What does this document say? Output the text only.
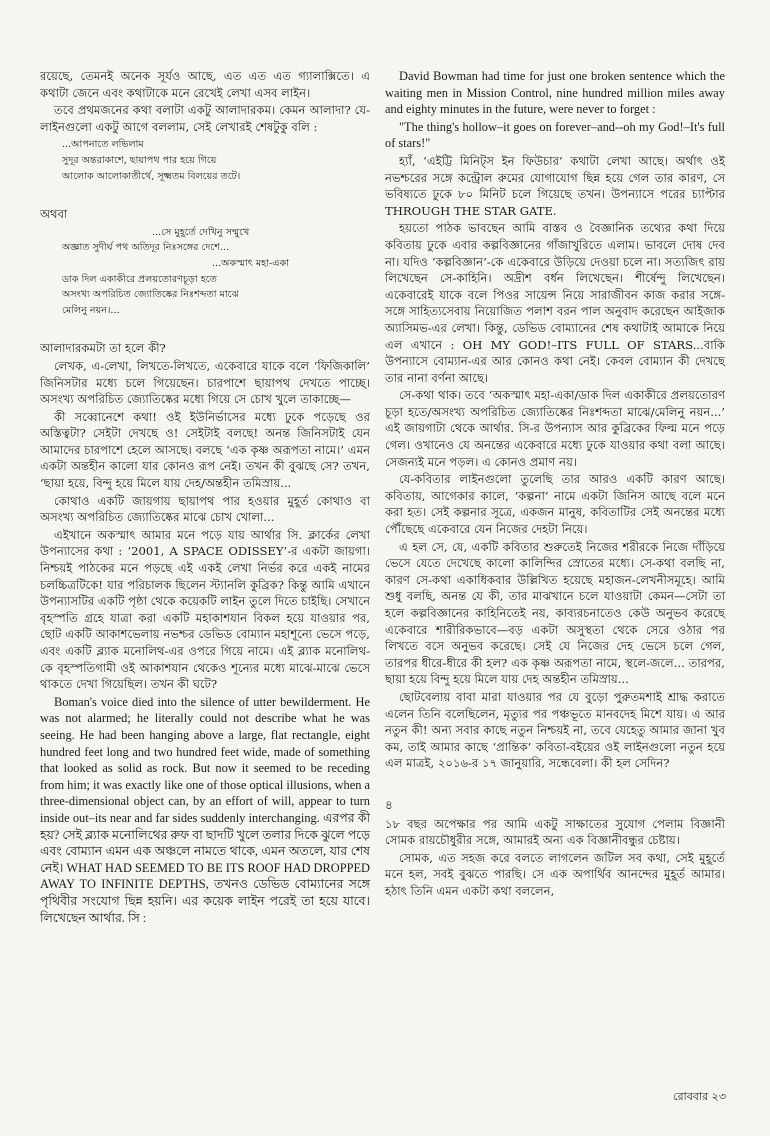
রয়েছে, তেমনই অনেক সূর্যও আছে, এত এত এত গ্যালাক্সিতে। এ কথাটা জেনে এবং কথাটাকে মনে রেখেই লেখা এসব লাইন।

তবে প্রথমজনের কথা বলাটা একটু আলাদারকম। কেমন আলাদা? যে-লাইনগুলো একটু আগে বললাম, সেই লেখারই শেষটুকু বলি :

...আপনাতে লভিলাম
সুদূর অন্তরাকাশে, ছায়াপথ পার হয়ে গিয়ে
আলোক আলোকাতীর্থে, সূক্ষ্মতম বিলয়ের তটে।

অথবা

...সে মুহূর্তে দেখিনু সম্মুখে
অজ্ঞাত সুদীর্ঘ পথ অতিদূর নিঃসঙ্গের দেশে...
...অকস্মাৎ মহা-একা
ডাক দিল একাকীরে প্রলয়তোরণচূড়া হতে
অসংখ্য অপরিচিত জ্যোতিষ্কের নিঃশব্দতা মাঝে
মেলিনু নয়ন।...

আলাদারকমটা তা হলে কী?

লেখক, এ-লেখা, লিখতে-লিখতে, একেবারে যাকে বলে ‘ফিজিকালি’ জিনিসটার মধ্যে চলে গিয়েছেন। চারপাশে ছায়াপথ দেখতে পাচ্ছে। অসংখ্য অপরিচিত জ্যোতিষ্কের মধ্যে গিয়ে সে চোখ খুলে তাকাচ্ছে—

কী সব্বোনেশে কথা! ওই ইউনির্ভাসের মধ্যে ঢুকে পড়েছে ওর অস্তিত্বটা? সেইটা দেখছে ও! সেইটাই বলছে! অনন্ত জিনিসটাই যেন আমাদের চারপাশে হেলে আসছে। বলছে ‘এক কৃষ্ণ অরূপতা নামে।’ এমন একটা অন্তহীন কালো যার কোনও রূপ নেই। তখন কী বুঝছে সে? তখন, ‘ছায়া হয়ে, বিন্দু হয়ে মিলে যায় দেহ/অন্তহীন তমিস্রায়...

কোথাও একটি জায়গায় ছায়াপথ পার হওয়ার মুহূর্ত কোথাও বা অসংখ্য অপরিচিত জ্যোতিষ্কের মাঝে চোখ খোলা...

এইখানে অকস্মাৎ আমার মনে পড়ে যায় আর্থার সি. ক্লার্কের লেখা উপন্যাসের কথা : ‘2001, A SPACE ODISSEY’-র একটা জায়গা। নিশ্চয়ই পাঠকের মনে পড়ছে এই একই লেখা নির্ভর করে একই নামের চলচ্চিত্রটিকে! যার পরিচালক ছিলেন স্ট্যানলি কুব্রিক? কিন্তু আমি এখানে উপন্যাসটির একটি পৃষ্ঠা থেকে কয়েকটি লাইন তুলে দিতে চাইছি। সেখানে বৃহস্পতি গ্রহে যাত্রা করা একটি মহাকাশযান বিকল হয়ে যাওয়ার পর, ছোট একটি আকাশভেলায় নভশ্চর ডেভিড বোম্যান মহাশূন্যে ভেসে পড়ে, এবং একটি ব্ল্যাক মনোলিথ-এর ওপরে গিয়ে নামে। এই ব্ল্যাক মনোলিথ-কে বৃহস্পতিগামী ওই আকাশযান থেকেও শূন্যের মধ্যে মাঝে-মাঝে ভেসে থাকতে দেখা গিয়েছিল। তখন কী ঘটে?

Boman's voice died into the silence of utter bewilderment. He was not alarmed; he literally could not describe what he was seeing. He had been hanging above a large, flat rectangle, eight hundred feet long and two hundred feet wide, made of something that looked as solid as rock. But now it seemed to be receding from him; it was exactly like one of those optical illusions, when a three-dimensional object can, by an effort of will, appear to turn inside out–its near and far sides suddenly interchanging. এরপর কী হয়? সেই ব্ল্যাক মনোলিথের রুফ বা ছাদটি খুলে তলার দিকে ঝুলে পড়ে এবং বোম্যান এমন এক অঞ্চলে নামতে থাকে, এমন অতলে, যার শেষ নেই। WHAT HAD SEEMED TO BE ITS ROOF HAD DROPPED AWAY TO INFINITE DEPTHS, তখনও ডেভিড বোম্যানের সঙ্গে পৃথিবীর সংযোগ ছিন্ন হয়নি। এর কয়েক লাইন পরেই তা হয়ে যাবে। লিখেছেন আর্থার. সি :

David Bowman had time for just one broken sentence which the waiting men in Mission Control, nine hundred million miles away and eighty minutes in the future, were never to forget :

"The thing's hollow–it goes on forever–and--oh my God!–It's full of stars!"

হ্যাঁ, ‘এইট্টি মিনিট্‌স ইন ফিউচার’ কথাটা লেখা আছে। অর্থাৎ ওই নভশ্চরের সঙ্গে কন্ট্রোল রুমের যোগাযোগ ছিন্ন হয়ে গেল তার কারণ, সে ভবিষ্যতে ঢুকে ৮০ মিনিট চলে গিয়েছে তখন। উপন্যাসে পরের চ্যাপ্টার THROUGH THE STAR GATE.

হয়তো পাঠক ভাবছেন আমি বাস্তব ও বৈজ্ঞানিক তথ্যের কথা দিয়ে কবিতায় ঢুকে এবার কল্পবিজ্ঞানের গাঁজাখুরিতে এলাম। ভাবলে দোষ দেব না। যদিও ‘কল্পবিজ্ঞান’-কে একেবারে উড়িয়ে দেওয়া চলে না। সত্যজিৎ রায় লিখেছেন সে-কাহিনি। অদ্রীশ বর্ধন লিখেছেন। শীর্ষেন্দু লিখেছেন। একেবারেই যাকে বলে পিওর সায়েন্স নিয়ে সারাজীবন কাজ করার সঙ্গে-সঙ্গে সাহিত্যসেবায় নিয়োজিত পলাশ বরন পাল অনুবাদ করেছেন আইজাক অ্যাসিমভ-এর লেখা। কিন্তু, ডেভিড বোম্যানের শেষ কথাটাই আমাকে নিয়ে এল এখানে : OH MY GOD!–ITS FULL OF STARS...বাকি উপন্যাসে বোম্যান-এর আর কোনও কথা নেই। কেবল বোম্যান কী দেখছে তার নানা বর্ণনা আছে।

সে-কথা থাক। তবে ‘অকস্মাৎ মহা-একা/ডাক দিল একাকীরে প্রলয়তোরণ চূড়া হতে/অসংখ্য অপরিচিত জ্যোতিষ্কের নিঃশব্দতা মাঝে/মেলিনু নয়ন...’ এই জায়গাটা থেকে আর্থার. সি-র উপন্যাস আর কুব্রিকের ফিল্ম মনে পড়ে গেল। ওখানেও যে অনন্তের একেবারে মধ্যে ঢুকে যাওয়ার কথা বলা আছে। সেজন্যই মনে পড়ল। এ কোনও প্রমাণ নয়।

যে-কবিতার লাইনগুলো তুলেছি তার আরও একটি কারণ আছে। কবিতায়, আগেকার কালে, ‘কল্পনা’ নামে একটা জিনিস আছে বলে মনে করা হত। সেই কল্পনার সূত্রে, একজন মানুষ, কবিতাটির সেই অনন্তের মধ্যে পৌঁছেছে একেবারে যেন নিজের দেহটা নিয়ে।

এ হল সে, যে, একটি কবিতার শুরুতেই নিজের শরীরকে নিজে দাঁড়িয়ে ভেসে যেতে দেখেছে কালো কালিন্দির স্রোতের মধ্যে। সে-কথা বলছি না, কারণ সে-কথা একাধিকবার উল্লিখিত হয়েছে মহাজন-লেখনীসমূহে। আমি শুধু বলছি, অনন্ত যে কী, তার মাঝখানে চলে যাওয়াটা কেমন—সেটা তা হলে কল্পবিজ্ঞানের কাহিনিতেই নয়, কাব্যরচনাতেও কেউ অনুভব করেছে একেবারে শারীরিকভাবে—বড় একটা অসুস্থতা থেকে সেরে ওঠার পর লিখতে বসে অনুভব করেছে। সেই যে নিজের দেহ ভেসে চলে গেল, তারপর ধীরে-ধীরে কী হল? এক কৃষ্ণ অরূপতা নামে, স্থলে-জলে... তারপর, ছায়া হয়ে বিন্দু হয়ে মিলে যায় দেহ অন্তহীন তমিস্রায়...

ছোটবেলায় বাবা মারা যাওয়ার পর যে বুড়ো পুরুতমশাই শ্রাদ্ধ করাতে এলেন তিনি বলেছিলেন, মৃত্যুর পর পঞ্চভূতে মানবদেহ মিশে যায়। এ আর নতুন কী! অন্য সবার কাছে নতুন নিশ্চয়ই না, তবে যেহেতু আমার জানা খুব কম, তাই আমার কাছে ‘প্রান্তিক’ কবিতা-বইয়ের ওই লাইনগুলো নতুন হয়ে এল মাত্রই, ২০১৬-র ১৭ জানুয়ারি, সন্ধেবেলা। কী হল সেদিন?

৪

১৮ বছর অপেক্ষার পর আমি একটু সাক্ষাতের সুযোগ পেলাম বিজ্ঞানী সোমক রায়চৌধুরীর সঙ্গে, আমারই অন্য এক বিজ্ঞানীবন্ধুর চেষ্টায়।

সোমক, এত সহজ করে বলতে লাগলেন জটিল সব কথা, সেই মুহূর্তে মনে হল, সবই বুঝতে পারছি। সে এক অপার্থিব আনন্দের মুহূর্ত আমার। হঠাৎ তিনি এমন একটা কথা বললেন,

রোববার ২৩
